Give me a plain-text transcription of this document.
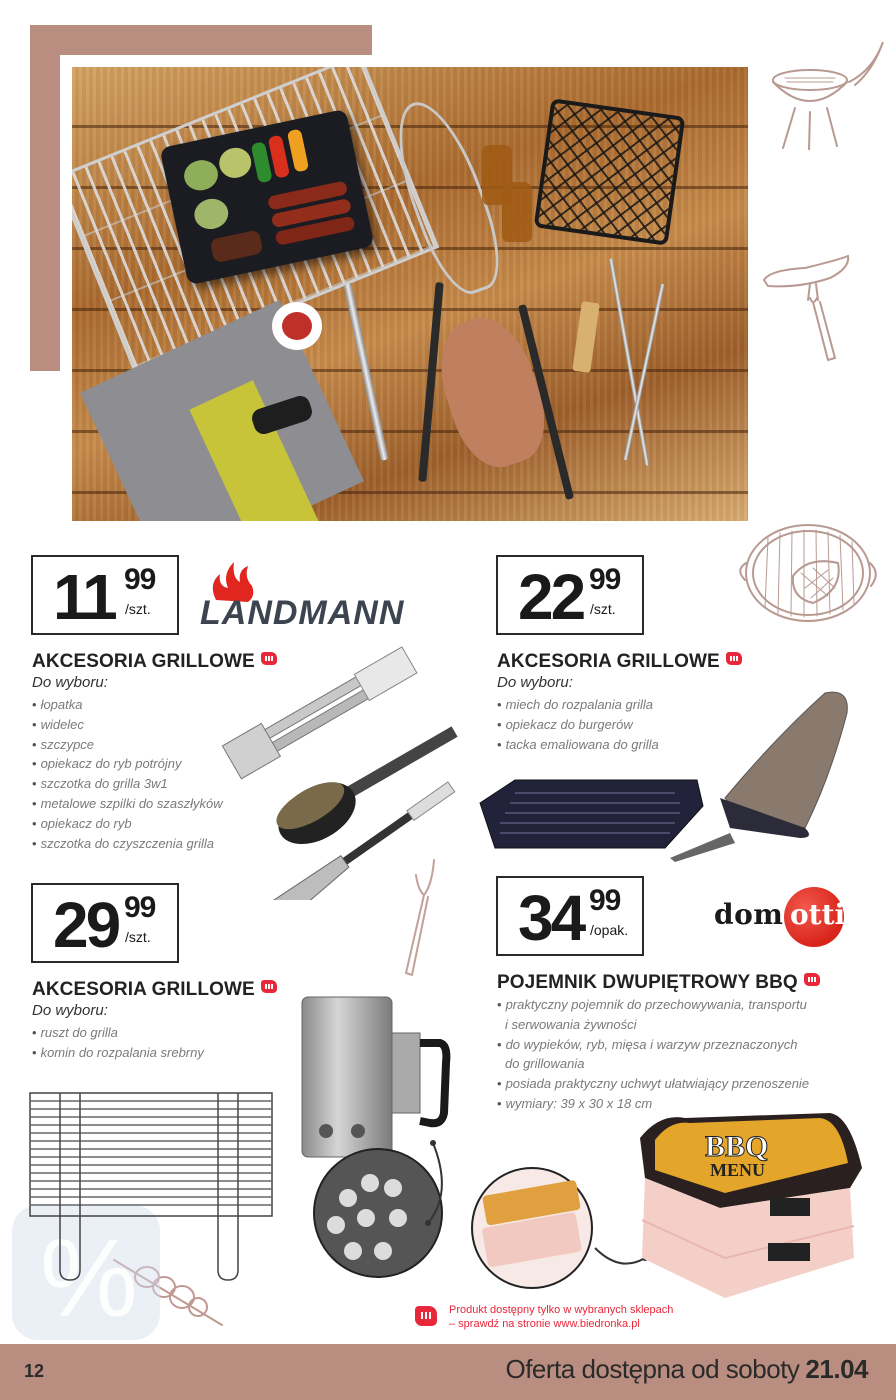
%
11 99
/szt. LANDMANN
AKCESORIA GRILLOWE
Do wyboru:
• łopatka
• widelec
• szczypce
• opiekacz do ryb potrójny
• szczotka do grilla 3w1
• metalowe szpilki do szaszłyków
• opiekacz do ryb
• szczotka do czyszczenia grilla
22 99
/szt.
AKCESORIA GRILLOWE
Do wyboru:
• miech do rozpalania grilla
• opiekacz do burgerów
• tacka emaliowana do grilla
29 99
/szt.
AKCESORIA GRILLOWE
Do wyboru:
• ruszt do grilla
• komin do rozpalania srebrny
34 99
/opak.	dom otti
POJEMNIK DWUPIĘTROWY BBQ
• praktyczny pojemnik do przechowywania, transportu
i serwowania żywności
• do wypieków, ryb, mięsa i warzyw przeznaczonych
do grillowania
• posiada praktyczny uchwyt ułatwiający przenoszenie
• wymiary: 39 x 30 x 18 cm
BBQ
MENU
Produkt dostępny tylko w wybranych sklepach
– sprawdź na stronie www.biedronka.pl
12	Oferta dostępna od soboty 21.04
